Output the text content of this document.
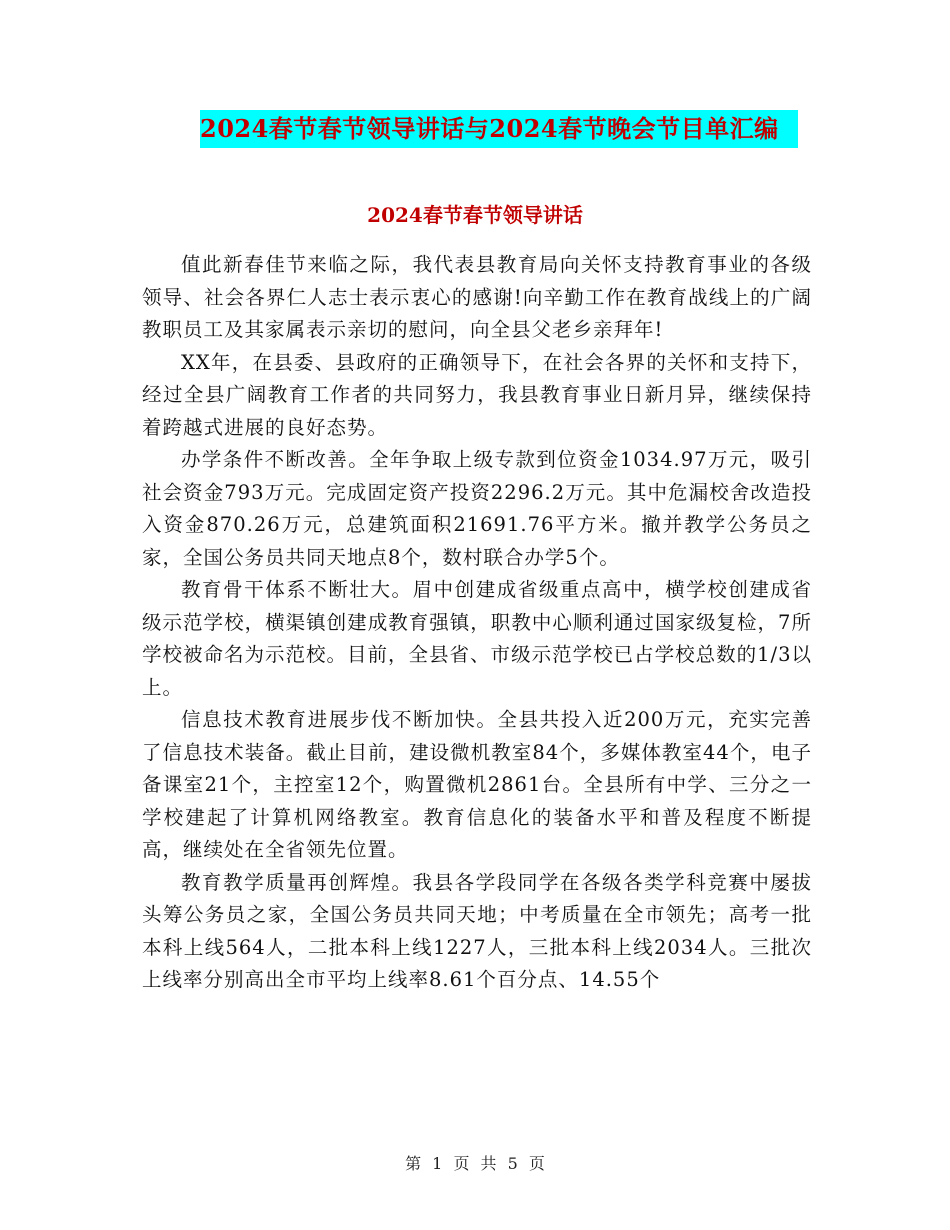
2024春节春节领导讲话与2024春节晚会节目单汇编
2024春节春节领导讲话

值此新春佳节来临之际，我代表县教育局向关怀支持教育事业的各级领导、社会各界仁人志士表示衷心的感谢!向辛勤工作在教育战线上的广阔教职员工及其家属表示亲切的慰问，向全县父老乡亲拜年!

XX年，在县委、县政府的正确领导下，在社会各界的关怀和支持下，经过全县广阔教育工作者的共同努力，我县教育事业日新月异，继续保持着跨越式进展的良好态势。

办学条件不断改善。全年争取上级专款到位资金1034.97万元，吸引社会资金793万元。完成固定资产投资2296.2万元。其中危漏校舍改造投入资金870.26万元，总建筑面积21691.76平方米。撤并教学公务员之家，全国公务员共同天地点8个，数村联合办学5个。

教育骨干体系不断壮大。眉中创建成省级重点高中，横学校创建成省级示范学校，横渠镇创建成教育强镇，职教中心顺利通过国家级复检，7所学校被命名为示范校。目前，全县省、市级示范学校已占学校总数的1/3以上。

信息技术教育进展步伐不断加快。全县共投入近200万元，充实完善了信息技术装备。截止目前，建设微机教室84个，多媒体教室44个，电子备课室21个，主控室12个，购置微机2861台。全县所有中学、三分之一学校建起了计算机网络教室。教育信息化的装备水平和普及程度不断提高，继续处在全省领先位置。

教育教学质量再创辉煌。我县各学段同学在各级各类学科竞赛中屡拔头筹公务员之家，全国公务员共同天地；中考质量在全市领先；高考一批本科上线564人，二批本科上线1227人，三批本科上线2034人。三批次上线率分别高出全市平均上线率8.61个百分点、14.55个

第 1 页 共 5 页
